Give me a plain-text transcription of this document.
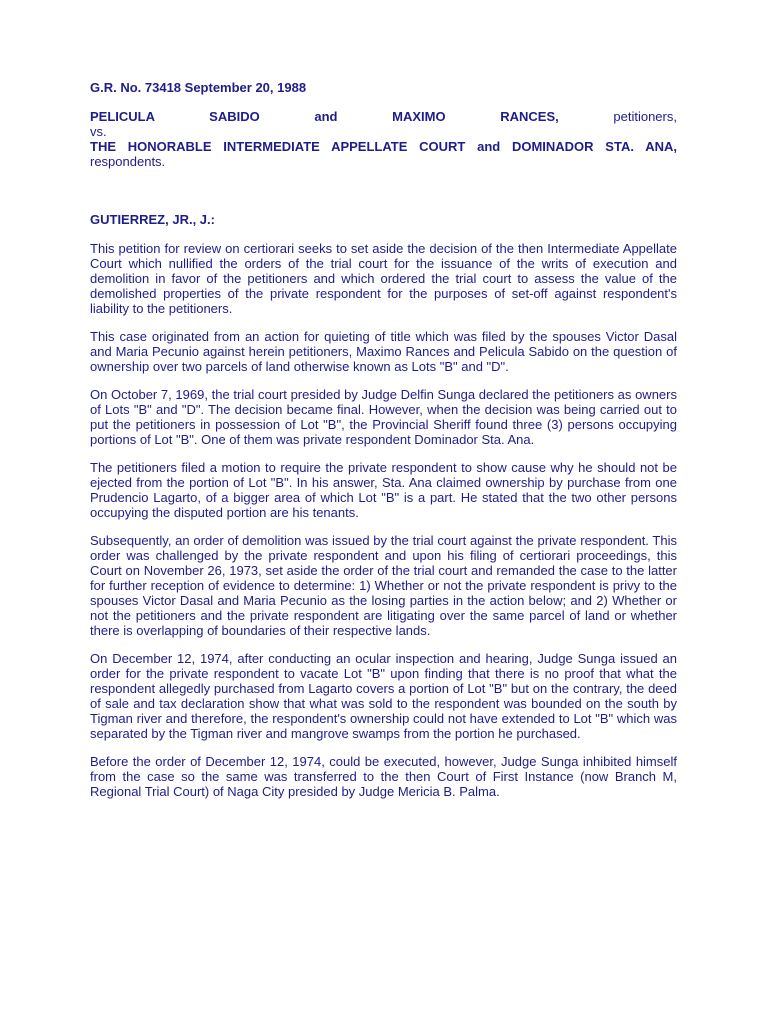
G.R. No. 73418 September 20, 1988

PELICULA SABIDO and MAXIMO RANCES,	petitioners,
vs.
THE HONORABLE INTERMEDIATE APPELLATE COURT and DOMINADOR STA. ANA, respondents.

GUTIERREZ, JR., J.:

This petition for review on certiorari seeks to set aside the decision of the then Intermediate Appellate Court which nullified the orders of the trial court for the issuance of the writs of execution and demolition in favor of the petitioners and which ordered the trial court to assess the value of the demolished properties of the private respondent for the purposes of set-off against respondent's liability to the petitioners.

This case originated from an action for quieting of title which was filed by the spouses Victor Dasal and Maria Pecunio against herein petitioners, Maximo Rances and Pelicula Sabido on the question of ownership over two parcels of land otherwise known as Lots "B" and "D".

On October 7, 1969, the trial court presided by Judge Delfin Sunga declared the petitioners as owners of Lots "B" and "D". The decision became final. However, when the decision was being carried out to put the petitioners in possession of Lot "B", the Provincial Sheriff found three (3) persons occupying portions of Lot "B". One of them was private respondent Dominador Sta. Ana.

The petitioners filed a motion to require the private respondent to show cause why he should not be ejected from the portion of Lot "B". In his answer, Sta. Ana claimed ownership by purchase from one Prudencio Lagarto, of a bigger area of which Lot "B" is a part. He stated that the two other persons occupying the disputed portion are his tenants.

Subsequently, an order of demolition was issued by the trial court against the private respondent. This order was challenged by the private respondent and upon his filing of certiorari proceedings, this Court on November 26, 1973, set aside the order of the trial court and remanded the case to the latter for further reception of evidence to determine: 1) Whether or not the private respondent is privy to the spouses Victor Dasal and Maria Pecunio as the losing parties in the action below; and 2) Whether or not the petitioners and the private respondent are litigating over the same parcel of land or whether there is overlapping of boundaries of their respective lands.

On December 12, 1974, after conducting an ocular inspection and hearing, Judge Sunga issued an order for the private respondent to vacate Lot "B" upon finding that there is no proof that what the respondent allegedly purchased from Lagarto covers a portion of Lot "B" but on the contrary, the deed of sale and tax declaration show that what was sold to the respondent was bounded on the south by Tigman river and therefore, the respondent's ownership could not have extended to Lot "B" which was separated by the Tigman river and mangrove swamps from the portion he purchased.

Before the order of December 12, 1974, could be executed, however, Judge Sunga inhibited himself from the case so the same was transferred to the then Court of First Instance (now Branch M, Regional Trial Court) of Naga City presided by Judge Mericia B. Palma.
